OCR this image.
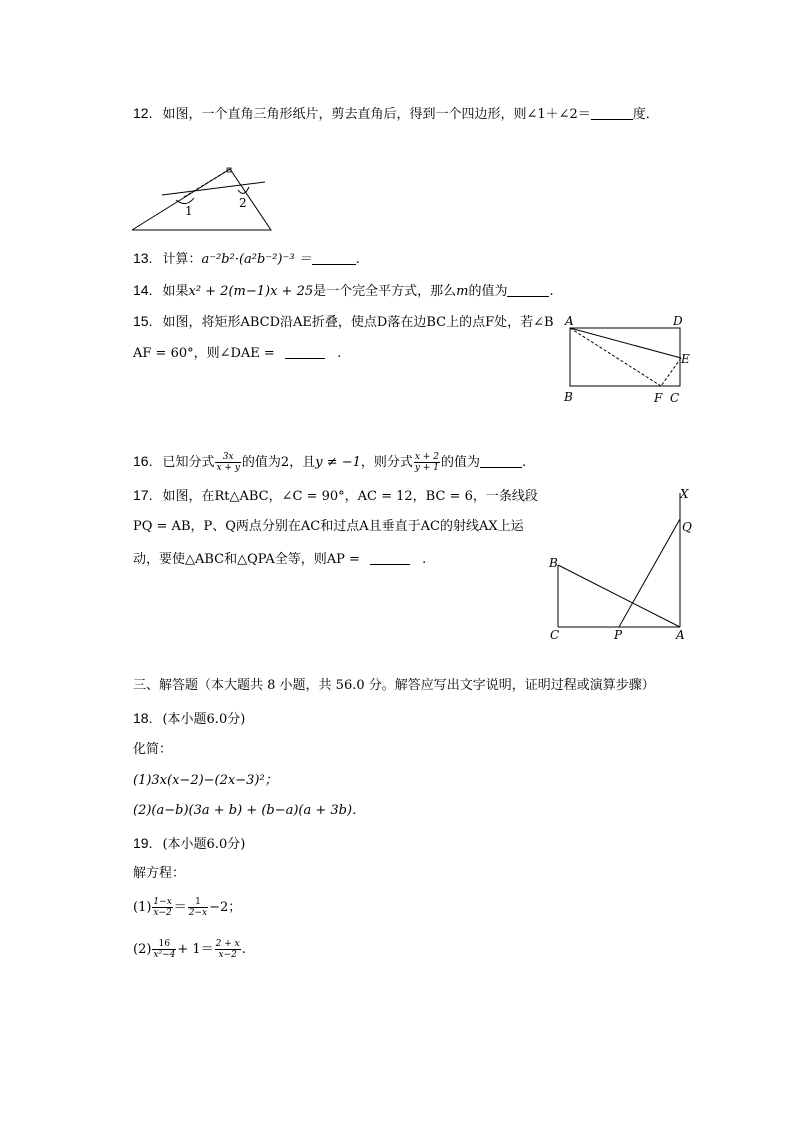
12. 如图，一个直角三角形纸片，剪去直角后，得到一个四边形，则∠1＋∠2＝	度．
1
2
13. 计算：a⁻²b²·(a²b⁻²)⁻³ ＝	.
14. 如果x² + 2(m−1)x + 25是一个完全平方式，那么m的值为	.
15. 如图，将矩形ABCD沿AE折叠，使点D落在边BC上的点F处，若∠B
AF = 60°，则∠DAE =	.
A	D
E
B	F C
16. 已知分式 $\frac{3x}{x + y}$ 的值为2，且y ≠ −1，则分式 $\frac{x + 2}{y + 1}$ 的值为	.
17. 如图，在Rt△ABC，∠C = 90°，AC = 12，BC = 6，一条线段
PQ = AB，P、Q两点分别在AC和过点A且垂直于AC的射线AX上运
动，要使△ABC和△QPA全等，则AP =	.
X
Q
B
C	P	A
三、解答题（本大题共 8 小题，共 56.0 分。解答应写出文字说明，证明过程或演算步骤）
18. (本小题6.0分)
化简：
(1)3x(x−2)−(2x−3)²；
(2)(a−b)(3a + b) + (b−a)(a + 3b)．
19. (本小题6.0分)
解方程：
$(1) \frac{1-x}{x-2} = \frac{1}{2-x} -2$；
$(2) \frac{16}{\text{x²−4}} + 1= \frac{2 + x}{x-2}$ .
